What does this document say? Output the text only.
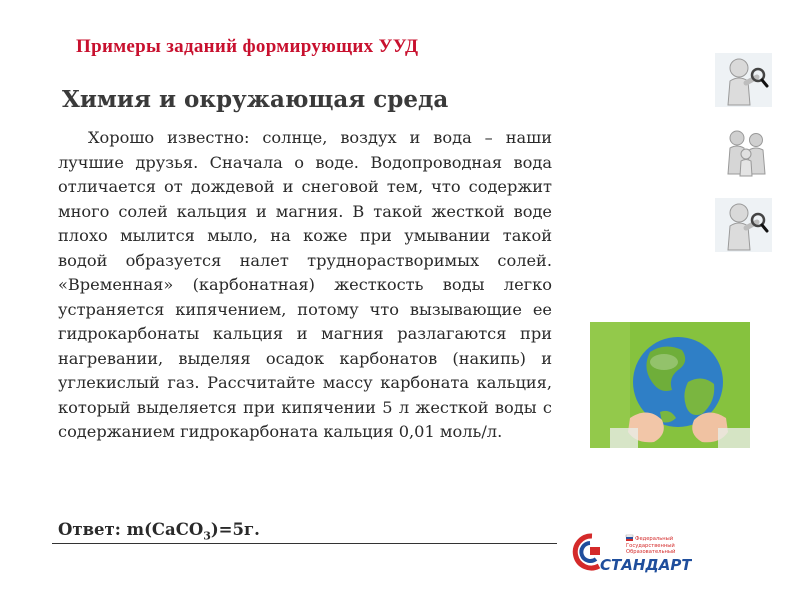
Примеры заданий формирующих УУД
Химия и окружающая среда

Хорошо известно: солнце, воздух и вода – наши лучшие друзья. Сначала о воде. Водопроводная вода отличается от дождевой и снеговой тем, что содержит много солей кальция и магния. В такой жесткой воде плохо мылится мыло, на коже при умывании такой водой образуется налет труднорастворимых солей. «Временная» (карбонатная) жесткость воды легко устраняется кипячением, потому что вызывающие ее гидрокарбонаты кальция и магния разлагаются при нагревании, выделяя осадок карбонатов (накипь) и углекислый газ. Рассчитайте массу карбоната кальция, который выделяется при кипячении 5 л жесткой воды с содержанием гидрокарбоната кальция 0,01 моль/л.

Ответ: m(CaCO$_3$)=5г.	Федеральный
Государственный
Образовательный
СТАНДАРТ
